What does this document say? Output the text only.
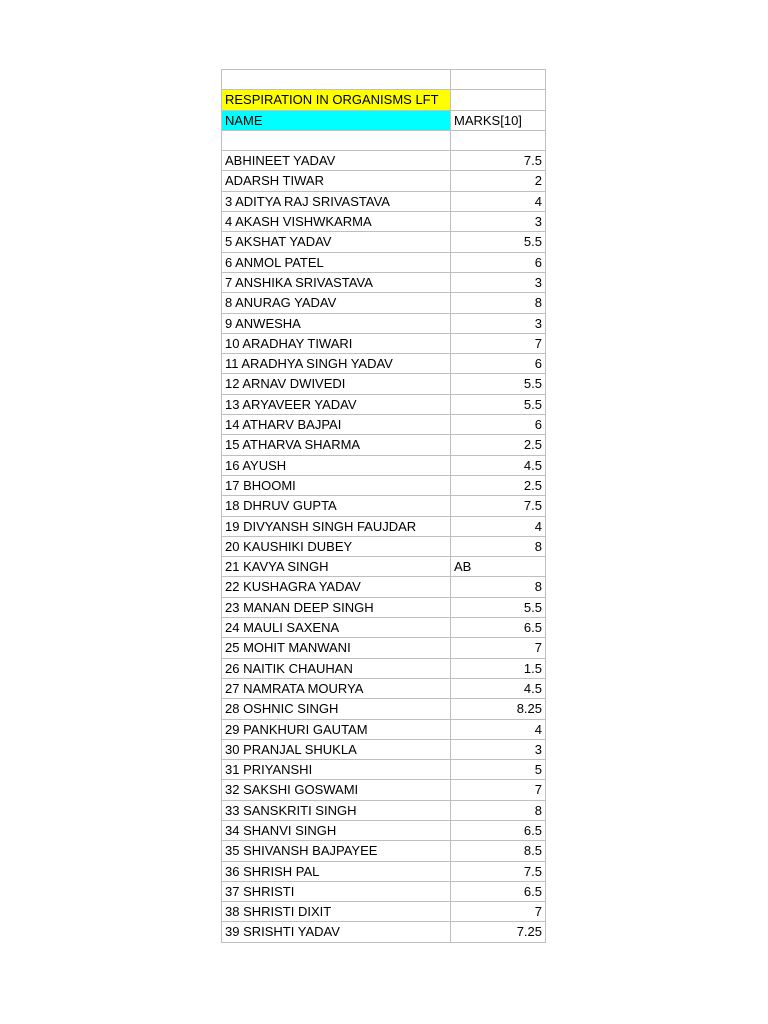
RESPIRATION IN ORGANISMS LFT
NAME	MARKS[10]
ABHINEET YADAV	7.5
ADARSH TIWAR	2
3 ADITYA RAJ SRIVASTAVA	4
4 AKASH VISHWKARMA	3
5 AKSHAT YADAV	5.5
6 ANMOL PATEL	6
7 ANSHIKA SRIVASTAVA	3
8 ANURAG YADAV	8
9 ANWESHA	3
10 ARADHAY TIWARI	7
11 ARADHYA SINGH YADAV	6
12 ARNAV DWIVEDI	5.5
13 ARYAVEER YADAV	5.5
14 ATHARV BAJPAI	6
15 ATHARVA SHARMA	2.5
16 AYUSH	4.5
17 BHOOMI	2.5
18 DHRUV GUPTA	7.5
19 DIVYANSH SINGH FAUJDAR	4
20 KAUSHIKI DUBEY	8
21 KAVYA SINGH	AB
22 KUSHAGRA YADAV	8
23 MANAN DEEP SINGH	5.5
24 MAULI SAXENA	6.5
25 MOHIT MANWANI	7
26 NAITIK CHAUHAN	1.5
27 NAMRATA MOURYA	4.5
28 OSHNIC SINGH	8.25
29 PANKHURI GAUTAM	4
30 PRANJAL SHUKLA	3
31 PRIYANSHI	5
32 SAKSHI GOSWAMI	7
33 SANSKRITI SINGH	8
34 SHANVI SINGH	6.5
35 SHIVANSH BAJPAYEE	8.5
36 SHRISH PAL	7.5
37 SHRISTI	6.5
38 SHRISTI DIXIT	7
39 SRISHTI YADAV	7.25
